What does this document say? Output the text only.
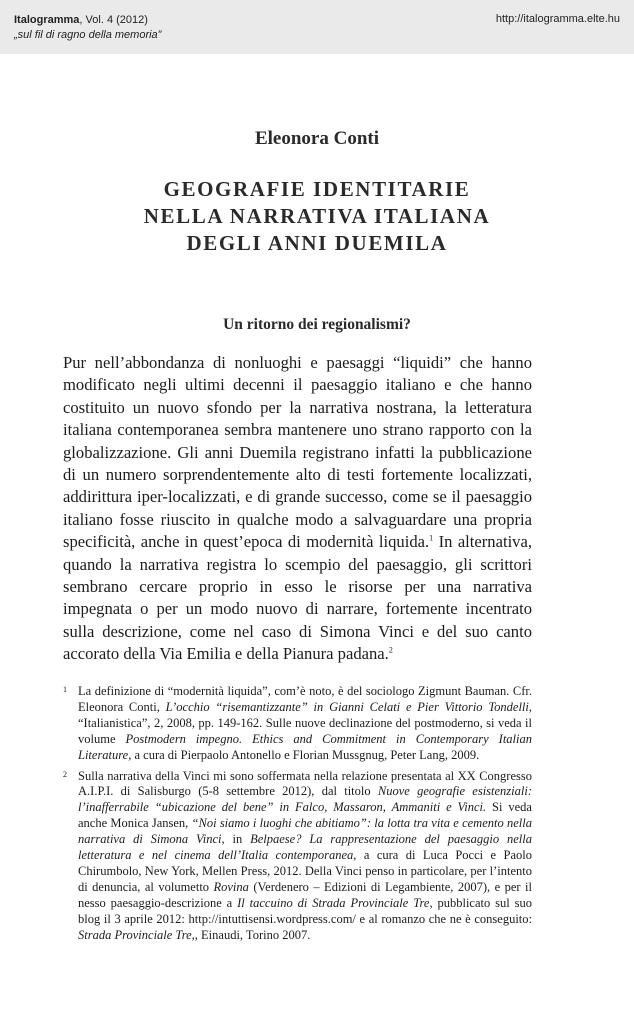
Italogramma, Vol. 4 (2012)
„sul fil di ragno della memoria”
http://italogramma.elte.hu
Eleonora Conti
GEOGRAFIE IDENTITARIE
NELLA NARRATIVA ITALIANA
DEGLI ANNI DUEMILA
Un ritorno dei regionalismi?
Pur nell’abbondanza di nonluoghi e paesaggi “liquidi” che hanno modificato negli ultimi decenni il paesaggio italiano e che hanno costituito un nuovo sfondo per la narrativa nostrana, la letteratura italiana contemporanea sembra mantenere uno strano rapporto con la globalizzazione. Gli anni Duemila registrano infatti la pubblicazione di un numero sorprendentemente alto di testi fortemente localizzati, addirittura iper-localizzati, e di grande successo, come se il paesaggio italiano fosse riuscito in qualche modo a salvaguardare una propria specificità, anche in quest’epoca di modernità liquida.$^1$ In alternativa, quando la narrativa registra lo scempio del paesaggio, gli scrittori sembrano cercare proprio in esso le risorse per una narrativa impegnata o per un modo nuovo di narrare, fortemente incentrato sulla descrizione, come nel caso di Simona Vinci e del suo canto accorato della Via Emilia e della Pianura padana.$^2$
1 La definizione di “modernità liquida”, com’è noto, è del sociologo Zigmunt Bauman. Cfr. Eleonora Conti, L’occhio “risemantizzante” in Gianni Celati e Pier Vittorio Tondelli, “Italianistica”, 2, 2008, pp. 149-162. Sulle nuove declinazione del postmoderno, si veda il volume Postmodern impegno. Ethics and Commitment in Contemporary Italian Literature, a cura di Pierpaolo Antonello e Florian Mussgnug, Peter Lang, 2009.
2 Sulla narrativa della Vinci mi sono soffermata nella relazione presentata al XX Congresso A.I.P.I. di Salisburgo (5-8 settembre 2012), dal titolo Nuove geografie esistenziali: l’inafferrabile “ubicazione del bene” in Falco, Massaron, Ammaniti e Vinci. Si veda anche Monica Jansen, “Noi siamo i luoghi che abitiamo”: la lotta tra vita e cemento nella narrativa di Simona Vinci, in Belpaese? La rappresentazione del paesaggio nella letteratura e nel cinema dell’Italia contemporanea, a cura di Luca Pocci e Paolo Chirumbolo, New York, Mellen Press, 2012. Della Vinci penso in particolare, per l’intento di denuncia, al volumetto Rovina (Verdenero – Edizioni di Legambiente, 2007), e per il nesso paesaggio-descrizione a Il taccuino di Strada Provinciale Tre, pubblicato sul suo blog il 3 aprile 2012: http://intuttisensi.wordpress.com/ e al romanzo che ne è conseguito: Strada Provinciale Tre,, Einaudi, Torino 2007.
